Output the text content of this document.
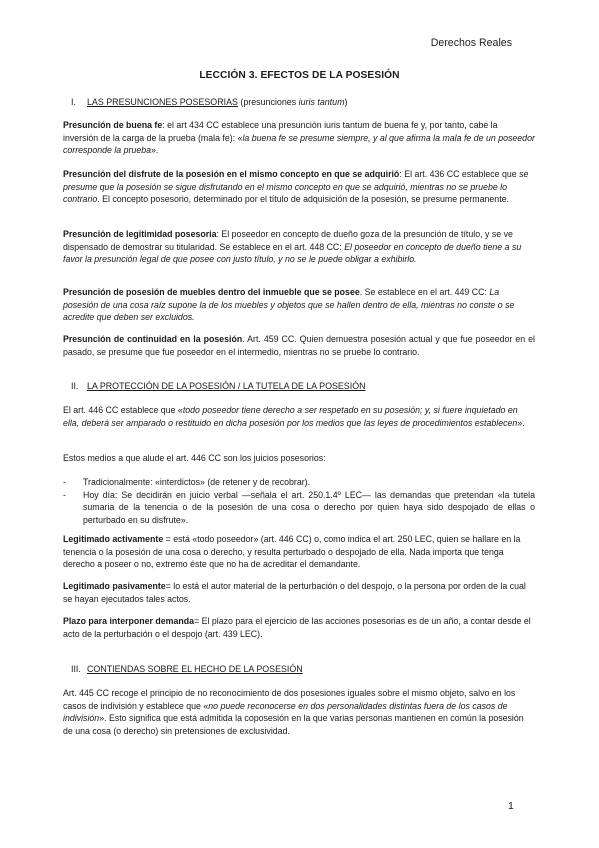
Derechos Reales
LECCIÓN 3. EFECTOS DE LA POSESIÓN
I. LAS PRESUNCIONES POSESORIAS (presunciones iuris tantum)

Presunción de buena fe: el art 434 CC establece una presunción iuris tantum de buena fe y, por tanto, cabe la inversión de la carga de la prueba (mala fe): «la buena fe se presume siempre, y al que afirma la mala fe de un poseedor corresponde la prueba».

Presunción del disfrute de la posesión en el mismo concepto en que se adquirió: El art. 436 CC establece que se presume que la posesión se sigue disfrutando en el mismo concepto en que se adquirió, mientras no se pruebe lo contrario. El concepto posesorio, determinado por el título de adquisición de la posesión, se presume permanente.

Presunción de legitimidad posesoria: El poseedor en concepto de dueño goza de la presunción de título, y se ve dispensado de demostrar su titularidad. Se establece en el art. 448 CC: El poseedor en concepto de dueño tiene a su favor la presunción legal de que posee con justo título, y no se le puede obligar a exhibirlo.

Presunción de posesión de muebles dentro del inmueble que se posee. Se establece en el art. 449 CC: La posesión de una cosa raíz supone la de los muebles y objetos que se hallen dentro de ella, mientras no conste o se acredite que deben ser excluidos.

Presunción de continuidad en la posesión. Art. 459 CC. Quien demuestra posesión actual y que fue poseedor en el pasado, se presume que fue poseedor en el intermedio, mientras no se pruebe lo contrario.

II. LA PROTECCIÓN DE LA POSESIÓN / LA TUTELA DE LA POSESIÓN

El art. 446 CC establece que «todo poseedor tiene derecho a ser respetado en su posesión; y, si fuere inquietado en ella, deberá ser amparado o restituido en dicha posesión por los medios que las leyes de procedimientos establecen».

Estos medios a que alude el art. 446 CC son los juicios posesorios:

- Tradicionalmente: «interdictos» (de retener y de recobrar).
- Hoy día: Se decidirán en juicio verbal —señala el art. 250.1.4º LEC— las demandas que pretendan «la tutela sumaria de la tenencia o de la posesión de una cosa o derecho por quien haya sido despojado de ellas o perturbado en su disfrute».

Legitimado activamente = está «todo poseedor» (art. 446 CC) o, como indica el art. 250 LEC, quien se hallare en la tenencia o la posesión de una cosa o derecho, y resulta perturbado o despojado de ella. Nada importa que tenga derecho a poseer o no, extremo éste que no ha de acreditar el demandante.

Legitimado pasivamente= lo está el autor material de la perturbación o del despojo, o la persona por orden de la cual se hayan ejecutados tales actos.

Plazo para interponer demanda= El plazo para el ejercicio de las acciones posesorias es de un año, a contar desde el acto de la perturbación o el despojo (art. 439 LEC).

III. CONTIENDAS SOBRE EL HECHO DE LA POSESIÓN

Art. 445 CC recoge el principio de no reconocimiento de dos posesiones iguales sobre el mismo objeto, salvo en los casos de indivisión y establece que «no puede reconocerse en dos personalidades distintas fuera de los casos de indivisión». Esto significa que está admitida la coposesión en la que varias personas mantienen en común la posesión de una cosa (o derecho) sin pretensiones de exclusividad.

1
